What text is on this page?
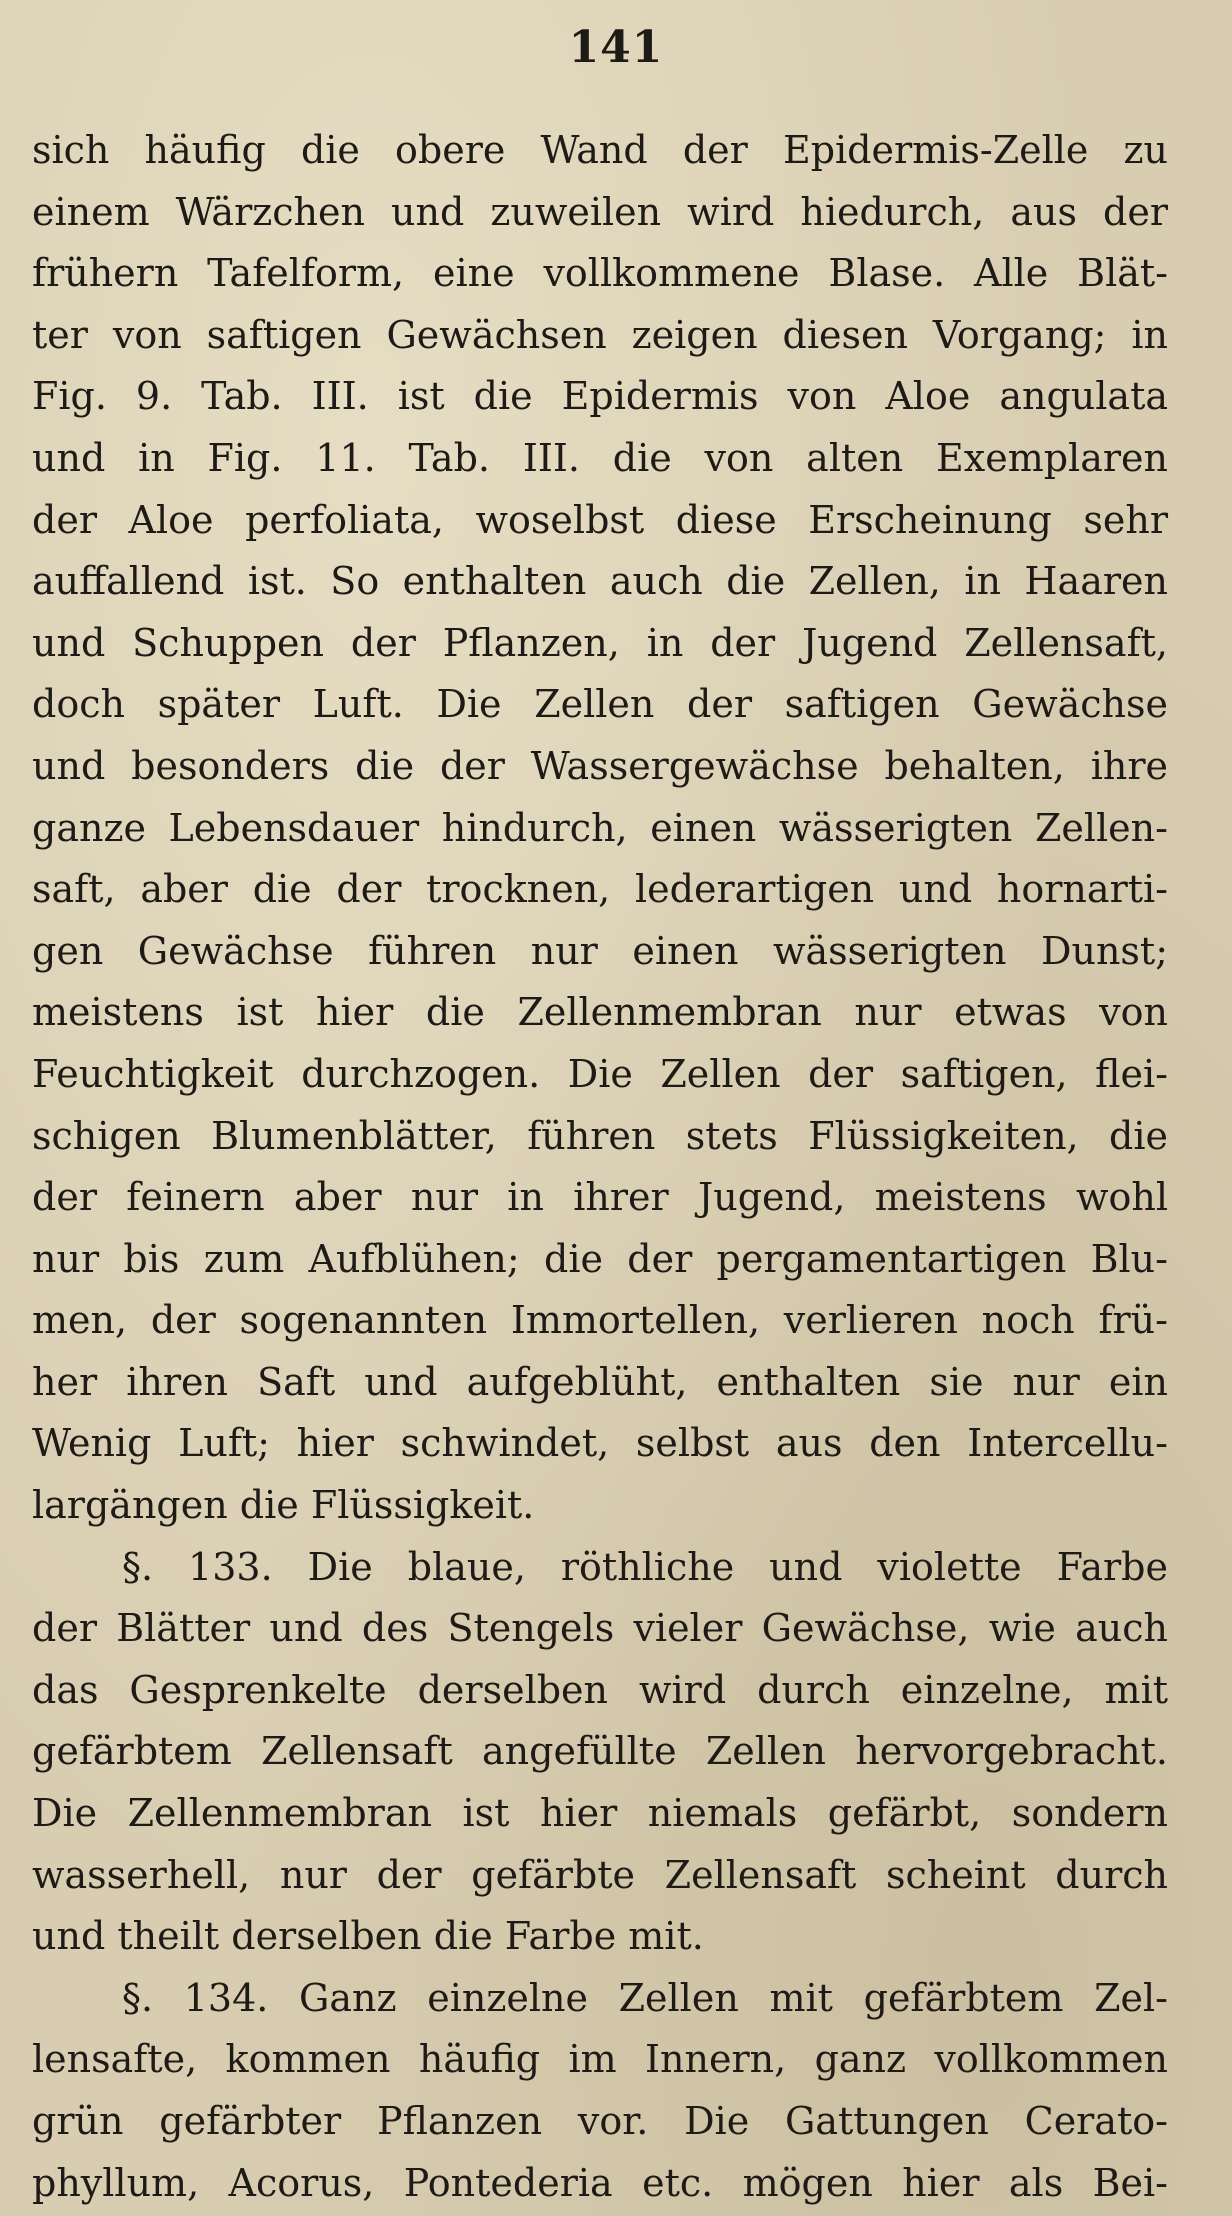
141
sich häufig die obere Wand der Epidermis-Zelle zu
einem Wärzchen und zuweilen wird hiedurch, aus der
frühern Tafelform, eine vollkommene Blase. Alle Blät-
ter von saftigen Gewächsen zeigen diesen Vorgang; in
Fig. 9. Tab. III. ist die Epidermis von Aloe angulata
und in Fig. 11. Tab. III. die von alten Exemplaren
der Aloe perfoliata, woselbst diese Erscheinung sehr
auffallend ist. So enthalten auch die Zellen, in Haaren
und Schuppen der Pflanzen, in der Jugend Zellensaft,
doch später Luft. Die Zellen der saftigen Gewächse
und besonders die der Wassergewächse behalten, ihre
ganze Lebensdauer hindurch, einen wässerigten Zellen-
saft, aber die der trocknen, lederartigen und hornarti-
gen Gewächse führen nur einen wässerigten Dunst;
meistens ist hier die Zellenmembran nur etwas von
Feuchtigkeit durchzogen. Die Zellen der saftigen, flei-
schigen Blumenblätter, führen stets Flüssigkeiten, die
der feinern aber nur in ihrer Jugend, meistens wohl
nur bis zum Aufblühen; die der pergamentartigen Blu-
men, der sogenannten Immortellen, verlieren noch frü-
her ihren Saft und aufgeblüht, enthalten sie nur ein
Wenig Luft; hier schwindet, selbst aus den Intercellu-
largängen die Flüssigkeit.
§. 133. Die blaue, röthliche und violette Farbe
der Blätter und des Stengels vieler Gewächse, wie auch
das Gesprenkelte derselben wird durch einzelne, mit
gefärbtem Zellensaft angefüllte Zellen hervorgebracht.
Die Zellenmembran ist hier niemals gefärbt, sondern
wasserhell, nur der gefärbte Zellensaft scheint durch
und theilt derselben die Farbe mit.
§. 134. Ganz einzelne Zellen mit gefärbtem Zel-
lensafte, kommen häufig im Innern, ganz vollkommen
grün gefärbter Pflanzen vor. Die Gattungen Cerato-
phyllum, Acorus, Pontederia etc. mögen hier als Bei-
